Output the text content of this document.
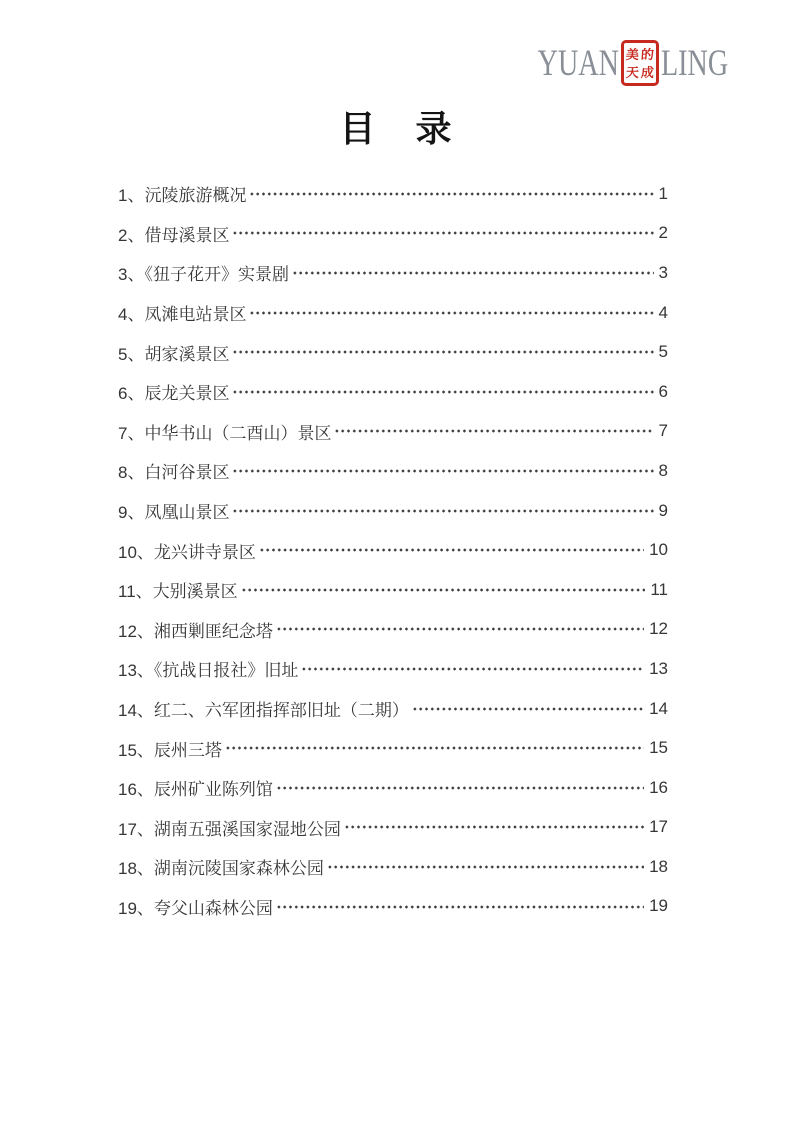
YUAN 美 的
天 成 LING
目　录
1、沅陵旅游概况	1
2、借母溪景区	2
3、《狃子花开》实景剧	3
4、凤滩电站景区	4
5、胡家溪景区	5
6、辰龙关景区	6
7、中华书山（二酉山）景区	7
8、白河谷景区	8
9、凤凰山景区	9
10、龙兴讲寺景区	10
11、大别溪景区	11
12、湘西剿匪纪念塔	12
13、《抗战日报社》旧址	13
14、红二、六军团指挥部旧址（二期）	14
15、辰州三塔	15
16、辰州矿业陈列馆	16
17、湖南五强溪国家湿地公园	17
18、湖南沅陵国家森林公园	18
19、夸父山森林公园	19
